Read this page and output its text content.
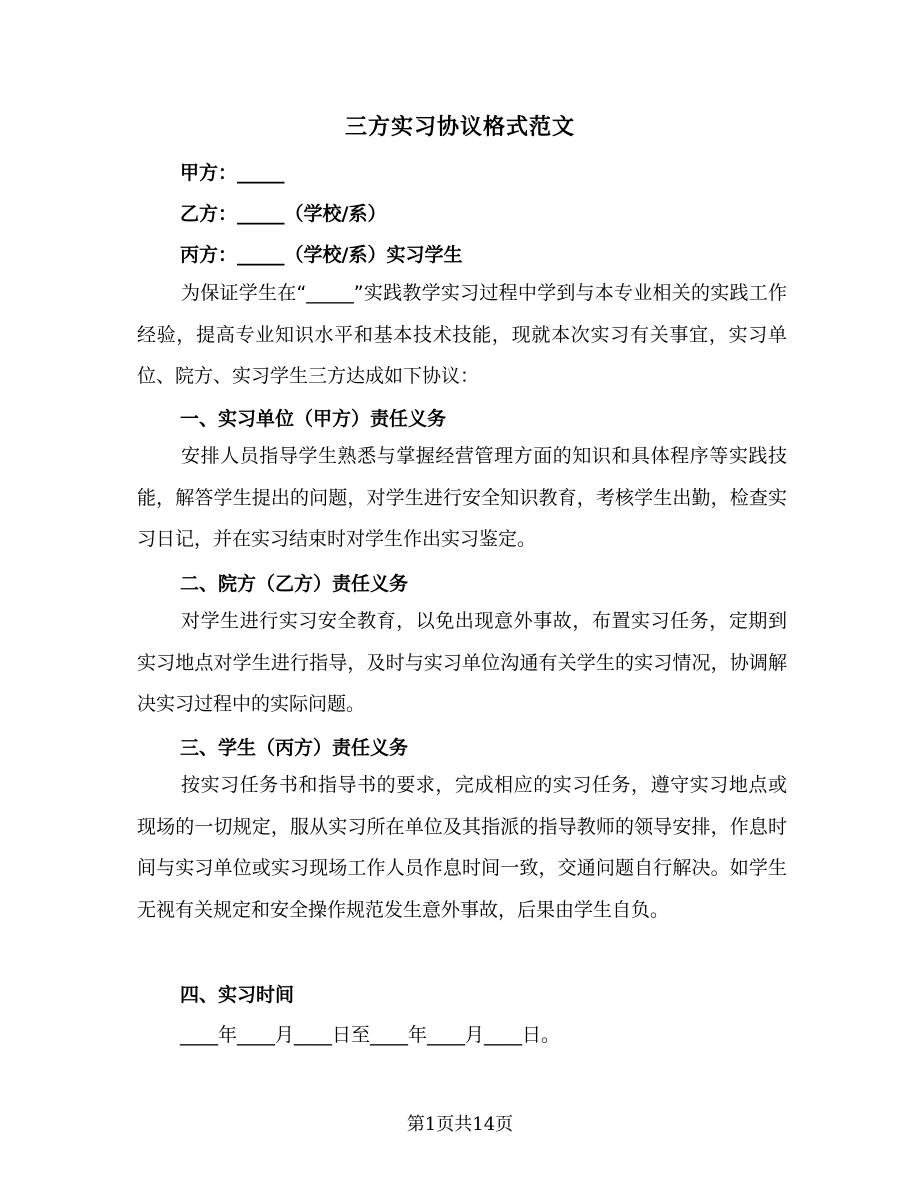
三方实习协议格式范文
甲方：_____
乙方：_____（学校/系）
丙方：_____（学校/系）实习学生
为保证学生在“_____”实践教学实习过程中学到与本专业相关的实践工作经验，提高专业知识水平和基本技术技能，现就本次实习有关事宜，实习单位、院方、实习学生三方达成如下协议：
一、实习单位（甲方）责任义务
安排人员指导学生熟悉与掌握经营管理方面的知识和具体程序等实践技能，解答学生提出的问题，对学生进行安全知识教育，考核学生出勤，检查实习日记，并在实习结束时对学生作出实习鉴定。
二、院方（乙方）责任义务
对学生进行实习安全教育，以免出现意外事故，布置实习任务，定期到实习地点对学生进行指导，及时与实习单位沟通有关学生的实习情况，协调解决实习过程中的实际问题。
三、学生（丙方）责任义务
按实习任务书和指导书的要求，完成相应的实习任务，遵守实习地点或现场的一切规定，服从实习所在单位及其指派的指导教师的领导安排，作息时间与实习单位或实习现场工作人员作息时间一致，交通问题自行解决。如学生无视有关规定和安全操作规范发生意外事故，后果由学生自负。
四、实习时间
____年____月____日至____年____月____日。
第1页共14页
